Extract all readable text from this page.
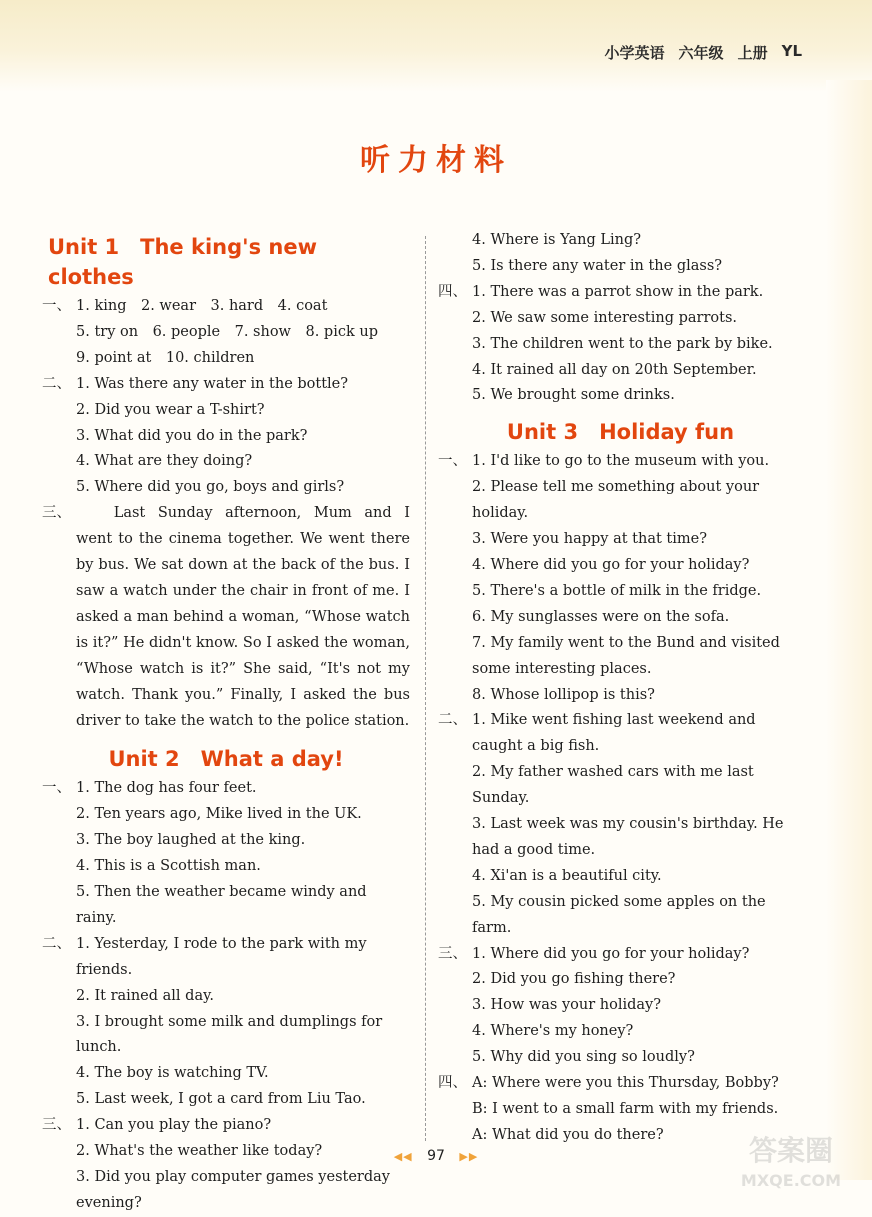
小学英语 六年级 上册 YL
听力材料
Unit 1　The king's new clothes
一、 1. king　2. wear　3. hard　4. coat
5. try on　6. people　7. show　8. pick up
9. point at　10. children
二、 1. Was there any water in the bottle?
2. Did you wear a T-shirt?
3. What did you do in the park?
4. What are they doing?
5. Where did you go, boys and girls?
三、	Last Sunday afternoon, Mum and I went to the cinema together. We went there by bus. We sat down at the back of the bus. I saw a watch under the chair in front of me. I asked a man behind a woman, “Whose watch is it?” He didn't know. So I asked the woman, “Whose watch is it?” She said, “It's not my watch. Thank you.” Finally, I asked the bus driver to take the watch to the police station.
Unit 2　What a day!
一、 1. The dog has four feet.
2. Ten years ago, Mike lived in the UK.
3. The boy laughed at the king.
4. This is a Scottish man.
5. Then the weather became windy and rainy.
二、 1. Yesterday, I rode to the park with my friends.
2. It rained all day.
3. I brought some milk and dumplings for lunch.
4. The boy is watching TV.
5. Last week, I got a card from Liu Tao.
三、 1. Can you play the piano?
2. What's the weather like today?
3. Did you play computer games yesterday evening?
4. Where is Yang Ling?
5. Is there any water in the glass?
四、 1. There was a parrot show in the park.
2. We saw some interesting parrots.
3. The children went to the park by bike.
4. It rained all day on 20th September.
5. We brought some drinks.
Unit 3　Holiday fun
一、 1. I'd like to go to the museum with you.
2. Please tell me something about your holiday.
3. Were you happy at that time?
4. Where did you go for your holiday?
5. There's a bottle of milk in the fridge.
6. My sunglasses were on the sofa.
7. My family went to the Bund and visited some interesting places.
8. Whose lollipop is this?
二、 1. Mike went fishing last weekend and caught a big fish.
2. My father washed cars with me last Sunday.
3. Last week was my cousin's birthday. He had a good time.
4. Xi'an is a beautiful city.
5. My cousin picked some apples on the farm.
三、 1. Where did you go for your holiday?
2. Did you go fishing there?
3. How was your holiday?
4. Where's my honey?
5. Why did you sing so loudly?
四、 A: Where were you this Thursday, Bobby?
B: I went to a small farm with my friends.
A: What did you do there?
◀◀ 97 ▶▶	答案圈
MXQE.COM
